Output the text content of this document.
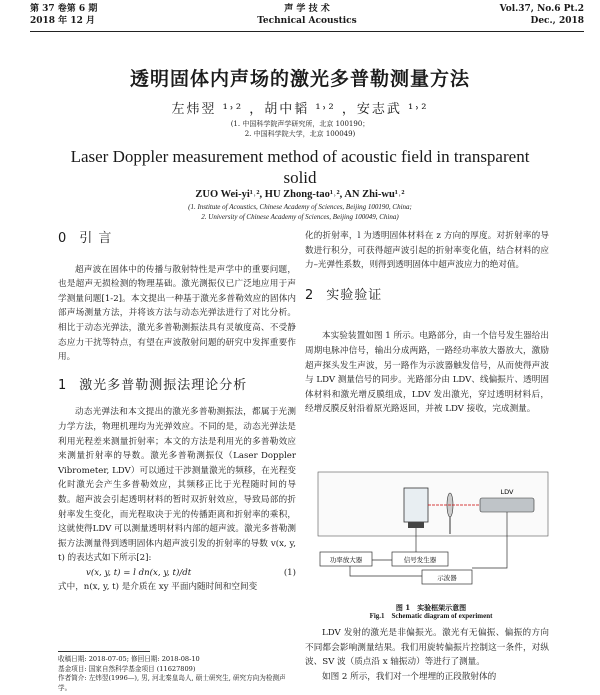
第 37 卷第 6 期
2018 年 12 月
声 学 技 术
Technical Acoustics
Vol.37, No.6 Pt.2
Dec., 2018
透明固体内声场的激光多普勒测量方法
左炜翌 ¹˒² ，胡中韬 ¹˒² ，安志武 ¹˒²
(1. 中国科学院声学研究所，北京 100190；
2. 中国科学院大学，北京 100049)
Laser Doppler measurement method of acoustic field in transparent solid
ZUO Wei-yi¹˒², HU Zhong-tao¹˒², AN Zhi-wu¹˒²
(1. Institute of Acoustics, Chinese Academy of Sciences, Beijing 100190, China;
2. University of Chinese Academy of Sciences, Beijing 100049, China)
0 引 言

超声波在固体中的传播与散射特性是声学中的重要问题，也是超声无损检测的物理基础。激光测振仪已广泛地应用于声学测量问题[1-2]。本文提出一种基于激光多普勒效应的固体内部声场测量方法，并将该方法与动态光弹法进行了对比分析。相比于动态光弹法，激光多普勒测振法具有灵敏度高、不受静态应力干扰等特点，有望在声波散射问题的研究中发挥重要作用。

1 激光多普勒测振法理论分析

动态光弹法和本文提出的激光多普勒测振法，都属于光测力学方法，物理机理均为光弹效应。不同的是，动态光弹法是利用光程差来测量折射率；本文的方法是利用光的多普勒效应来测量折射率的导数。激光多普勒测振仪（Laser Doppler Vibrometer, LDV）可以通过干涉测量激光的频移，在光程变化时激光会产生多普勒效应，其频移正比于光程随时间的导数。超声波会引起透明材料的暂时双折射效应，导致局部的折射率发生变化，而光程取决于光的传播距离和折射率的乘积，这就使得LDV 可以测量透明材料内部的超声波。激光多普勒测振方法测量得到透明固体内超声波引发的折射率的导数 v(x, y, t) 的表达式如下所示[2]:

v(x, y, t) = l dn(x, y, t)/dt	(1)

式中，n(x, y, t) 是介质在 xy 平面内随时间和空间变

化的折射率，l 为透明固体材料在 z 方向的厚度。对折射率的导数进行积分，可获得超声波引起的折射率变化值，结合材料的应力–光弹性系数，则得到透明固体中超声波应力的绝对值。

2 实验验证

本实验装置如图 1 所示。电路部分，由一个信号发生器给出周期电脉冲信号，输出分成两路，一路经功率放大器放大，激励超声探头发生声波，另一路作为示波器触发信号，从而使得声波与 LDV 测量信号的同步。光路部分由 LDV、线偏振片、透明固体材料和激光增反膜组成，LDV 发出激光，穿过透明材料后，经增反膜反射沿着原光路返回，并被 LDV 接收，完成测量。

功率放大器	信号发生器
示波器
LDV
图 1　实验框架示意图
Fig.1　Schematic diagram of experiment

LDV 发射的激光是非偏振光。激光有无偏振、偏振的方向不同都会影响测量结果。我们用旋转偏振片控制这一条件，对纵波、SV 波（质点沿 x 轴振动）等进行了测量。

如图 2 所示，我们对一个埋埋的正段散射体的

收稿日期: 2018-07-05; 修回日期: 2018-08-10
基金项目: 国家自然科学基金项目 (11627809)
作者简介: 左炜翌(1996—), 男, 河北秦皇岛人, 硕士研究生, 研究方向为检测声学。
